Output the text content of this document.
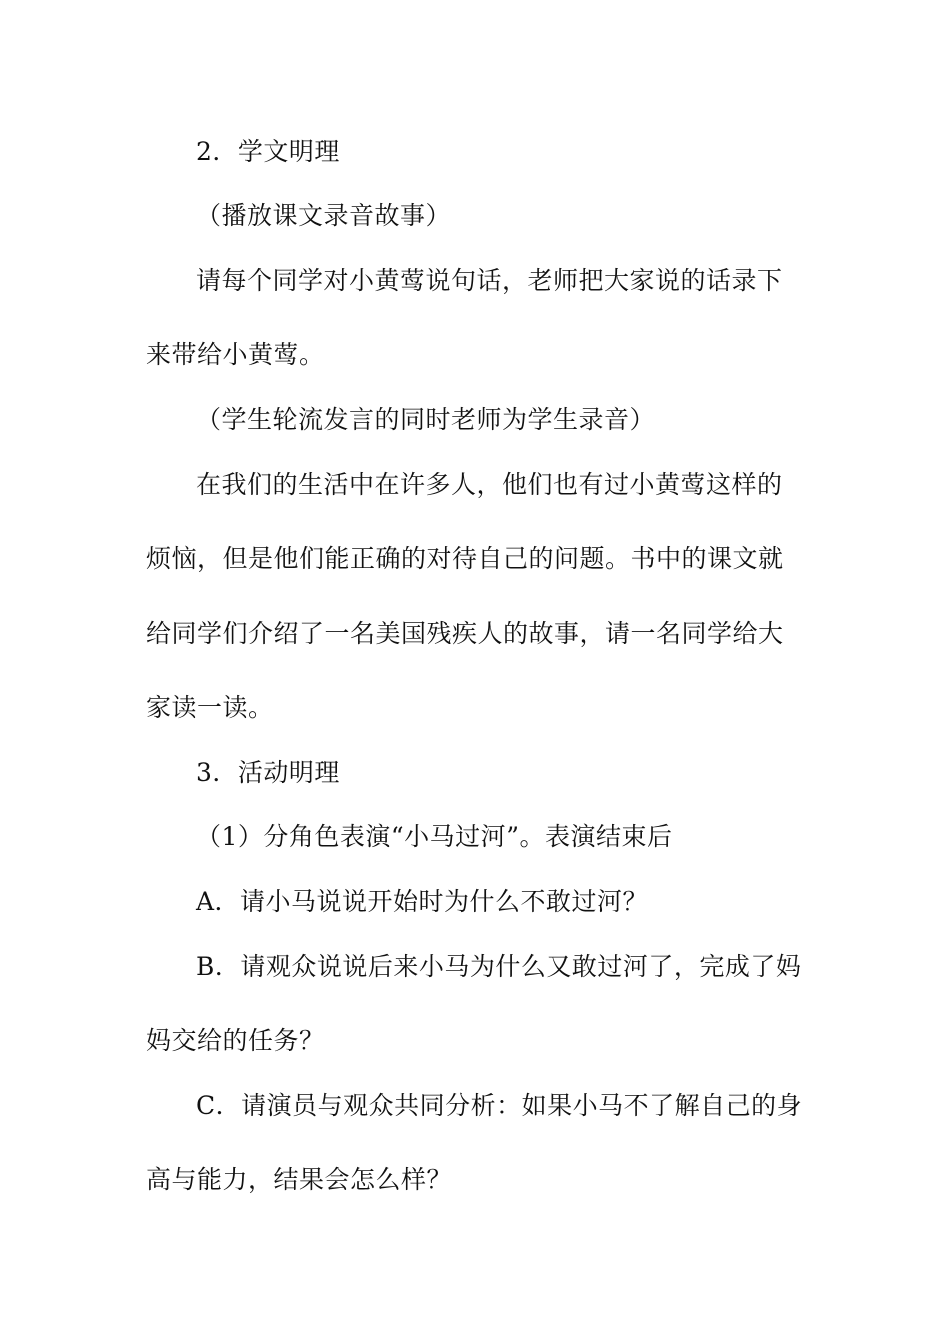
2．学文明理
（播放课文录音故事）
请每个同学对小黄莺说句话，老师把大家说的话录下
来带给小黄莺。
（学生轮流发言的同时老师为学生录音）
在我们的生活中在许多人，他们也有过小黄莺这样的
烦恼，但是他们能正确的对待自己的问题。书中的课文就
给同学们介绍了一名美国残疾人的故事，请一名同学给大
家读一读。
3．活动明理
（1）分角色表演“小马过河”。表演结束后
A．请小马说说开始时为什么不敢过河？
B．请观众说说后来小马为什么又敢过河了，完成了妈
妈交给的任务？
C．请演员与观众共同分析：如果小马不了解自己的身
高与能力，结果会怎么样？
